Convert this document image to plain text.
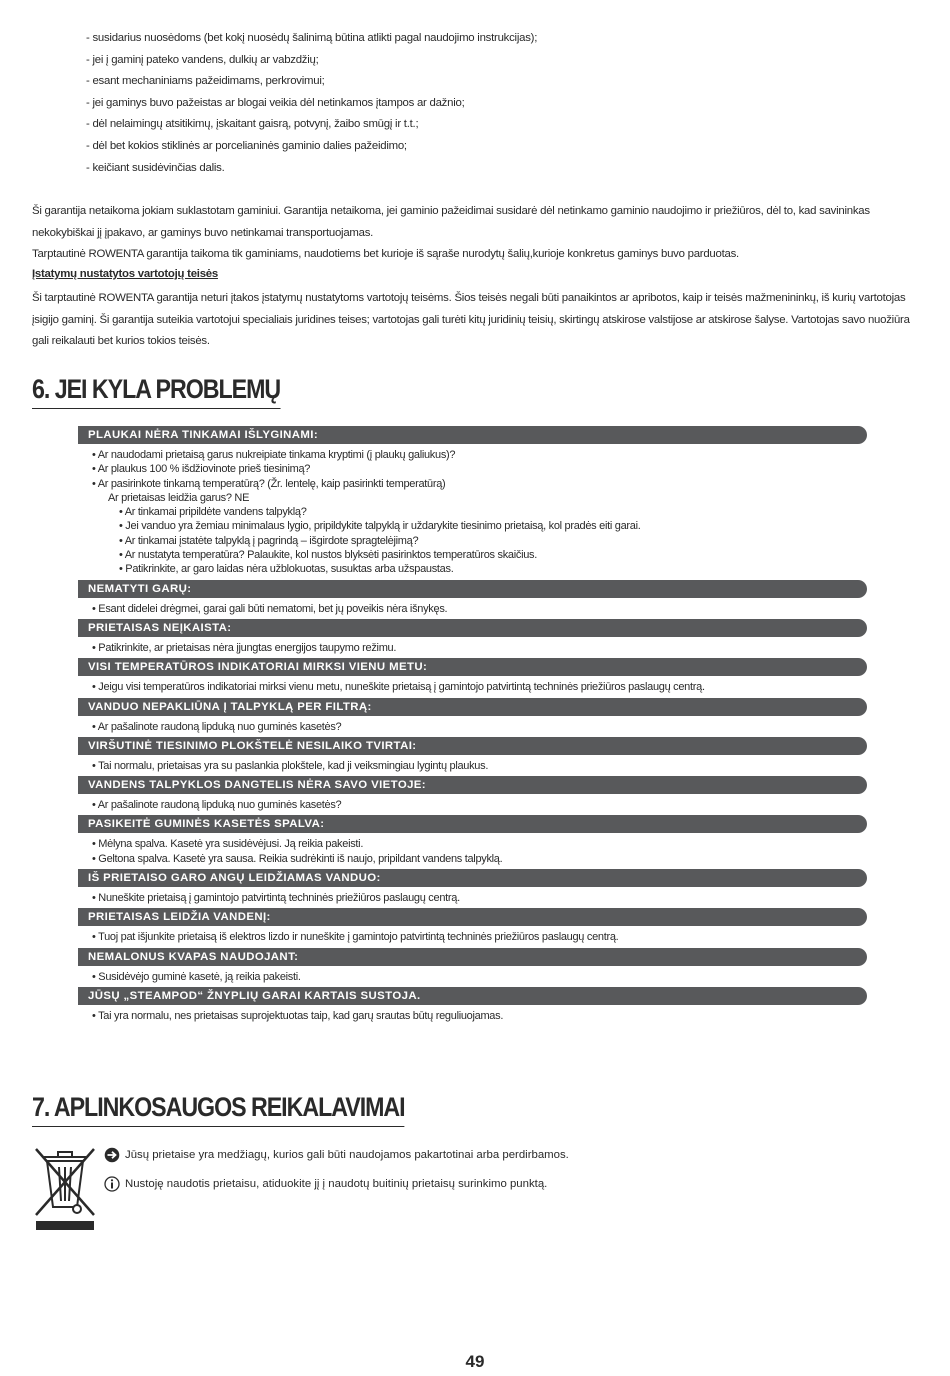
- susidarius nuosėdoms (bet kokį nuosėdų šalinimą būtina atlikti pagal naudojimo instrukcijas);
- jei į gaminį pateko vandens, dulkių ar vabzdžių;
- esant mechaniniams pažeidimams, perkrovimui;
- jei gaminys buvo pažeistas ar blogai veikia dėl netinkamos įtampos ar dažnio;
- dėl nelaimingų atsitikimų, įskaitant gaisrą, potvynį, žaibo smūgį ir t.t.;
- dėl bet kokios stiklinės ar porcelianinės gaminio dalies pažeidimo;
- keičiant susidėvinčias dalis.

Ši garantija netaikoma jokiam suklastotam gaminiui. Garantija netaikoma, jei gaminio pažeidimai susidarė dėl netinkamo gaminio naudojimo ir priežiūros, dėl to, kad savininkas nekokybiškai jį įpakavo, ar gaminys buvo netinkamai transportuojamas.

Tarptautinė ROWENTA garantija taikoma tik gaminiams, naudotiems bet kurioje iš sąraše nurodytų šalių,kurioje konkretus gaminys buvo parduotas.

Įstatymų nustatytos vartotojų teisės

Ši tarptautinė ROWENTA garantija neturi įtakos įstatymų nustatytoms vartotojų teisėms. Šios teisės negali būti panaikintos ar apribotos, kaip ir teisės mažmenininkų, iš kurių vartotojas įsigijo gaminį. Ši garantija suteikia vartotojui specialiais juridines teises; vartotojas gali turėti kitų juridinių teisių, skirtingų atskirose valstijose ar atskirose šalyse. Vartotojas savo nuožiūra gali reikalauti bet kurios tokios teisės.

6. JEI KYLA PROBLEMŲ
PLAUKAI NĖRA TINKAMAI IŠLYGINAMI:
• Ar naudodami prietaisą garus nukreipiate tinkama kryptimi (į plaukų galiukus)?
• Ar plaukus 100 % išdžiovinote prieš tiesinimą?
• Ar pasirinkote tinkamą temperatūrą? (Žr. lentelę, kaip pasirinkti temperatūrą)
Ar prietaisas leidžia garus? NE
• Ar tinkamai pripildėte vandens talpyklą?
• Jei vanduo yra žemiau minimalaus lygio, pripildykite talpyklą ir uždarykite tiesinimo prietaisą, kol pradės eiti garai.
• Ar tinkamai įstatėte talpyklą į pagrindą – išgirdote spragtelėjimą?
• Ar nustatyta temperatūra? Palaukite, kol nustos blyksėti pasirinktos temperatūros skaičius.
• Patikrinkite, ar garo laidas nėra užblokuotas, susuktas arba užspaustas.
NEMATYTI GARŲ:
• Esant didelei drėgmei, garai gali būti nematomi, bet jų poveikis nėra išnykęs.
PRIETAISAS NEĮKAISTA:
• Patikrinkite, ar prietaisas nėra įjungtas energijos taupymo režimu.
VISI TEMPERATŪROS INDIKATORIAI MIRKSI VIENU METU:
• Jeigu visi temperatūros indikatoriai mirksi vienu metu, nuneškite prietaisą į gamintojo patvirtintą techninės priežiūros paslaugų centrą.
VANDUO NEPAKLIŪNA Į TALPYKLĄ PER FILTRĄ:
• Ar pašalinote raudoną lipduką nuo guminės kasetės?
VIRŠUTINĖ TIESINIMO PLOKŠTELĖ NESILAIKO TVIRTAI:
• Tai normalu, prietaisas yra su paslankia plokštele, kad ji veiksmingiau lygintų plaukus.
VANDENS TALPYKLOS DANGTELIS NĖRA SAVO VIETOJE:
• Ar pašalinote raudoną lipduką nuo guminės kasetės?
PASIKEITĖ GUMINĖS KASETĖS SPALVA:
• Mėlyna spalva. Kasetė yra susidėvėjusi. Ją reikia pakeisti.
• Geltona spalva. Kasetė yra sausa. Reikia sudrėkinti iš naujo, pripildant vandens talpyklą.
IŠ PRIETAISO GARO ANGŲ LEIDŽIAMAS VANDUO:
• Nuneškite prietaisą į gamintojo patvirtintą techninės priežiūros paslaugų centrą.
PRIETAISAS LEIDŽIA VANDENĮ:
• Tuoj pat išjunkite prietaisą iš elektros lizdo ir nuneškite į gamintojo patvirtintą techninės priežiūros paslaugų centrą.
NEMALONUS KVAPAS NAUDOJANT:
• Susidėvėjo guminė kasetė, ją reikia pakeisti.
JŪSŲ „STEAMPOD“ ŽNYPLIŲ GARAI KARTAIS SUSTOJA.
• Tai yra normalu, nes prietaisas suprojektuotas taip, kad garų srautas būtų reguliuojamas.
7. APLINKOSAUGOS REIKALAVIMAI
Jūsų prietaise yra medžiagų, kurios gali būti naudojamos pakartotinai arba perdirbamos.
Nustoję naudotis prietaisu, atiduokite jį į naudotų buitinių prietaisų surinkimo punktą.
49
